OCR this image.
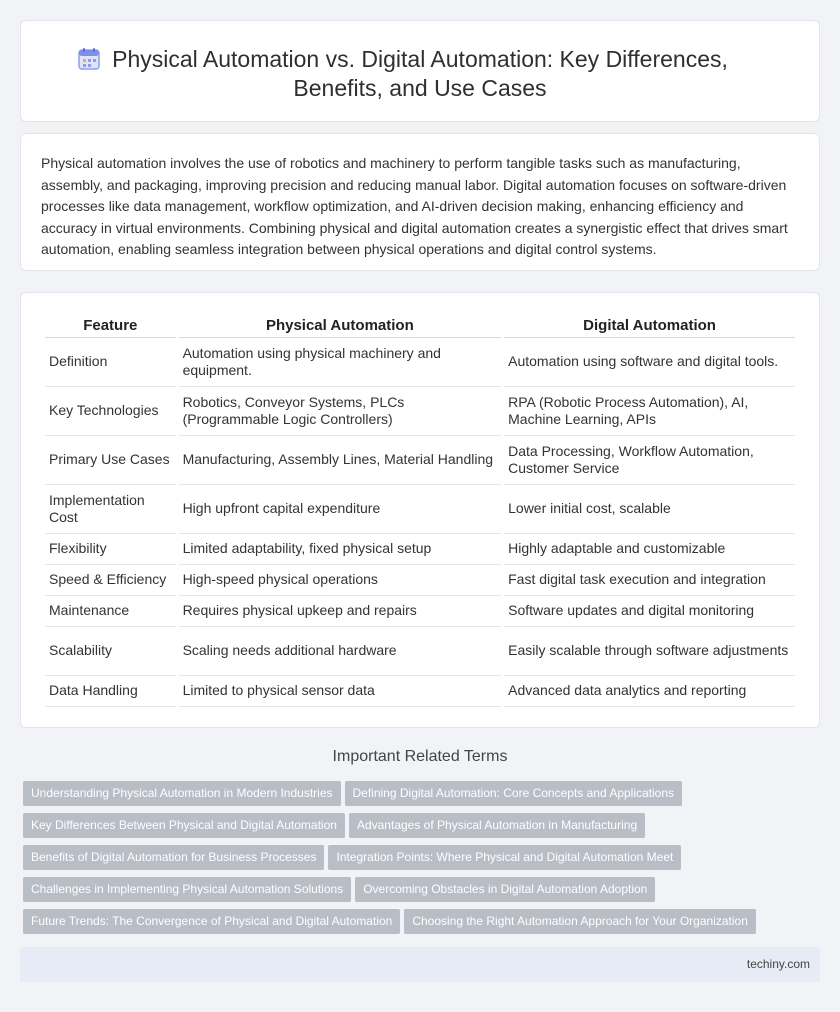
Physical Automation vs. Digital Automation: Key Differences,
Benefits, and Use Cases

Physical automation involves the use of robotics and machinery to perform tangible tasks such as manufacturing, assembly, and packaging, improving precision and reducing manual labor. Digital automation focuses on software-driven processes like data management, workflow optimization, and AI-driven decision making, enhancing efficiency and accuracy in virtual environments. Combining physical and digital automation creates a synergistic effect that drives smart automation, enabling seamless integration between physical operations and digital control systems.

Feature	Physical Automation	Digital Automation
Definition	Automation using physical machinery and equipment.	Automation using software and digital tools.
Key Technologies	Robotics, Conveyor Systems, PLCs (Programmable Logic Controllers)	RPA (Robotic Process Automation), AI, Machine Learning, APIs
Primary Use Cases	Manufacturing, Assembly Lines, Material Handling	Data Processing, Workflow Automation, Customer Service
Implementation Cost	High upfront capital expenditure	Lower initial cost, scalable
Flexibility	Limited adaptability, fixed physical setup	Highly adaptable and customizable
Speed & Efficiency	High-speed physical operations	Fast digital task execution and integration
Maintenance	Requires physical upkeep and repairs	Software updates and digital monitoring
Scalability	Scaling needs additional hardware	Easily scalable through software adjustments
Data Handling	Limited to physical sensor data	Advanced data analytics and reporting
Important Related Terms
Understanding Physical Automation in Modern Industries Defining Digital Automation: Core Concepts and Applications
Key Differences Between Physical and Digital Automation Advantages of Physical Automation in Manufacturing
Benefits of Digital Automation for Business Processes Integration Points: Where Physical and Digital Automation Meet
Challenges in Implementing Physical Automation Solutions Overcoming Obstacles in Digital Automation Adoption
Future Trends: The Convergence of Physical and Digital Automation Choosing the Right Automation Approach for Your Organization
techiny.com
